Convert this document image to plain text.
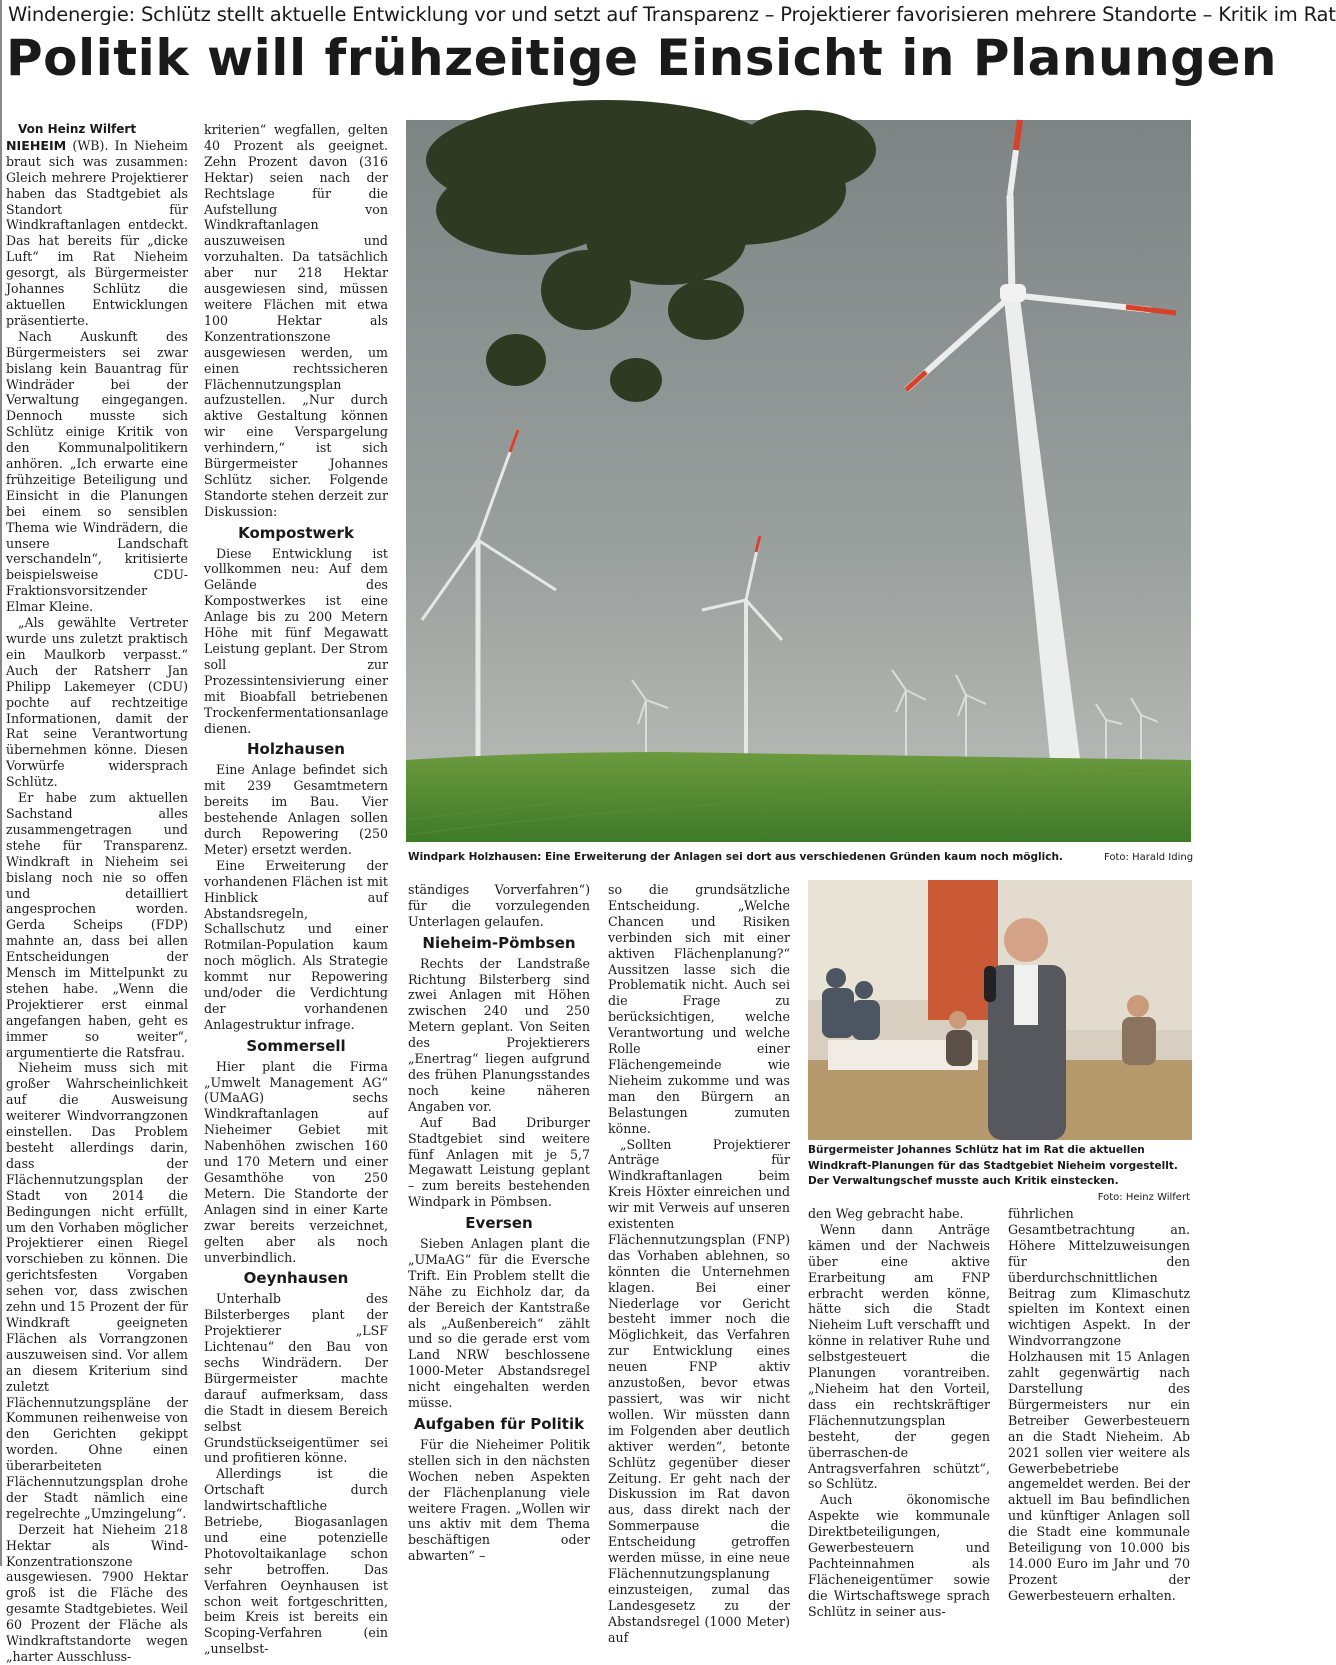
Windenergie: Schlütz stellt aktuelle Entwicklung vor und setzt auf Transparenz – Projektierer favorisieren mehrere Standorte – Kritik im Rat
Politik will frühzeitige Einsicht in Planungen

Von Heinz Wilfert

NIEHEIM (WB). In Nieheim braut sich was zusammen: Gleich mehrere Projektierer haben das Stadtgebiet als Standort für Windkraftanlagen entdeckt. Das hat bereits für „dicke Luft“ im Rat Nieheim gesorgt, als Bürgermeister Johannes Schlütz die aktuellen Entwicklungen präsentierte.

Nach Auskunft des Bürgermeisters sei zwar bislang kein Bauantrag für Windräder bei der Verwaltung eingegangen. Dennoch musste sich Schlütz einige Kritik von den Kommunalpolitikern anhören. „Ich erwarte eine frühzeitige Beteiligung und Einsicht in die Planungen bei einem so sensiblen Thema wie Windrädern, die unsere Landschaft verschandeln“, kritisierte beispielsweise CDU-Fraktionsvorsitzender Elmar Kleine.

„Als gewählte Vertreter wurde uns zuletzt praktisch ein Maulkorb verpasst.“ Auch der Ratsherr Jan Philipp Lakemeyer (CDU) pochte auf rechtzeitige Informationen, damit der Rat seine Verantwortung übernehmen könne. Diesen Vorwürfe widersprach Schlütz.

Er habe zum aktuellen Sachstand alles zusammengetragen und stehe für Transparenz. Windkraft in Nieheim sei bislang noch nie so offen und detailliert angesprochen worden. Gerda Scheips (FDP) mahnte an, dass bei allen Entscheidungen der Mensch im Mittelpunkt zu stehen habe. „Wenn die Projektierer erst einmal angefangen haben, geht es immer so weiter“, argumentierte die Ratsfrau.

Nieheim muss sich mit großer Wahrscheinlichkeit auf die Ausweisung weiterer Windvorrangzonen einstellen. Das Problem besteht allerdings darin, dass der Flächennutzungsplan der Stadt von 2014 die Bedingungen nicht erfüllt, um den Vorhaben möglicher Projektierer einen Riegel vorschieben zu können. Die gerichtsfesten Vorgaben sehen vor, dass zwischen zehn und 15 Prozent der für Windkraft geeigneten Flächen als Vorrangzonen auszuweisen sind. Vor allem an diesem Kriterium sind zuletzt Flächennutzungspläne der Kommunen reihenweise von den Gerichten gekippt worden. Ohne einen überarbeiteten Flächennutzungsplan drohe der Stadt nämlich eine regelrechte „Umzingelung“.

Derzeit hat Nieheim 218 Hektar als Wind-Konzentrationszone ausgewiesen. 7900 Hektar groß ist die Fläche des gesamte Stadtgebietes. Weil 60 Prozent der Fläche als Windkraftstandorte wegen „harter Ausschluss-

kriterien“ wegfallen, gelten 40 Prozent als geeignet. Zehn Prozent davon (316 Hektar) seien nach der Rechtslage für die Aufstellung von Windkraftanlagen auszuweisen und vorzuhalten. Da tatsächlich aber nur 218 Hektar ausgewiesen sind, müssen weitere Flächen mit etwa 100 Hektar als Konzentrationszone ausgewiesen werden, um einen rechtssicheren Flächennutzungsplan aufzustellen. „Nur durch aktive Gestaltung können wir eine Verspargelung verhindern,“ ist sich Bürgermeister Johannes Schlütz sicher. Folgende Standorte stehen derzeit zur Diskussion:

Kompostwerk

Diese Entwicklung ist vollkommen neu: Auf dem Gelände des Kompostwerkes ist eine Anlage bis zu 200 Metern Höhe mit fünf Megawatt Leistung geplant. Der Strom soll zur Prozessintensivierung einer mit Bioabfall betriebenen Trockenfermentationsanlage dienen.

Holzhausen

Eine Anlage befindet sich mit 239 Gesamtmetern bereits im Bau. Vier bestehende Anlagen sollen durch Repowering (250 Meter) ersetzt werden.

Eine Erweiterung der vorhandenen Flächen ist mit Hinblick auf Abstandsregeln, Schallschutz und einer Rotmilan-Population kaum noch möglich. Als Strategie kommt nur Repowering und/oder die Verdichtung der vorhandenen Anlagestruktur infrage.

Sommersell

Hier plant die Firma „Umwelt Management AG“ (UMaAG) sechs Windkraftanlagen auf Nieheimer Gebiet mit Nabenhöhen zwischen 160 und 170 Metern und einer Gesamthöhe von 250 Metern. Die Standorte der Anlagen sind in einer Karte zwar bereits verzeichnet, gelten aber als noch unverbindlich.

Oeynhausen

Unterhalb des Bilsterberges plant der Projektierer „LSF Lichtenau“ den Bau von sechs Windrädern. Der Bürgermeister machte darauf aufmerksam, dass die Stadt in diesem Bereich selbst Grundstückseigentümer sei und profitieren könne.

Allerdings ist die Ortschaft durch landwirtschaftliche Betriebe, Biogasanlagen und eine potenzielle Photovoltaikanlage schon sehr betroffen. Das Verfahren Oeynhausen ist schon weit fortgeschritten, beim Kreis ist bereits ein Scoping-Verfahren (ein „unselbst-

Windpark Holzhausen: Eine Erweiterung der Anlagen sei dort aus verschiedenen Gründen kaum noch möglich.	Foto: Harald Iding

ständiges Vorverfahren“) für die vorzulegenden Unterlagen gelaufen.

Nieheim-Pömbsen

Rechts der Landstraße Richtung Bilsterberg sind zwei Anlagen mit Höhen zwischen 240 und 250 Metern geplant. Von Seiten des Projektierers „Enertrag“ liegen aufgrund des frühen Planungsstandes noch keine näheren Angaben vor.

Auf Bad Driburger Stadtgebiet sind weitere fünf Anlagen mit je 5,7 Megawatt Leistung geplant – zum bereits bestehenden Windpark in Pömbsen.

Eversen

Sieben Anlagen plant die „UMaAG“ für die Eversche Trift. Ein Problem stellt die Nähe zu Eichholz dar, da der Bereich der Kantstraße als „Außenbereich“ zählt und so die gerade erst vom Land NRW beschlossene 1000-Meter Abstandsregel nicht eingehalten werden müsse.

Aufgaben für Politik

Für die Nieheimer Politik stellen sich in den nächsten Wochen neben Aspekten der Flächenplanung viele weitere Fragen. „Wollen wir uns aktiv mit dem Thema beschäftigen oder abwarten“ –

so die grundsätzliche Entscheidung. „Welche Chancen und Risiken verbinden sich mit einer aktiven Flächenplanung?“ Aussitzen lasse sich die Problematik nicht. Auch sei die Frage zu berücksichtigen, welche Verantwortung und welche Rolle einer Flächengemeinde wie Nieheim zukomme und was man den Bürgern an Belastungen zumuten könne.

„Sollten Projektierer Anträge für Windkraftanlagen beim Kreis Höxter einreichen und wir mit Verweis auf unseren existenten Flächennutzungsplan (FNP) das Vorhaben ablehnen, so könnten die Unternehmen klagen. Bei einer Niederlage vor Gericht besteht immer noch die Möglichkeit, das Verfahren zur Entwicklung eines neuen FNP aktiv anzustoßen, bevor etwas passiert, was wir nicht wollen. Wir müssten dann im Folgenden aber deutlich aktiver werden“, betonte Schlütz gegenüber dieser Zeitung. Er geht nach der Diskussion im Rat davon aus, dass direkt nach der Sommerpause die Entscheidung getroffen werden müsse, in eine neue Flächennutzungsplanung einzusteigen, zumal das Landesgesetz zu der Abstandsregel (1000 Meter) auf

Bürgermeister Johannes Schlütz hat im Rat die aktuellen Windkraft-Planungen für das Stadtgebiet Nieheim vorgestellt. Der Verwaltungschef musste auch Kritik einstecken.
Foto: Heinz Wilfert

den Weg gebracht habe.

Wenn dann Anträge kämen und der Nachweis über eine aktive Erarbeitung am FNP erbracht werden könne, hätte sich die Stadt Nieheim Luft verschafft und könne in relativer Ruhe und selbstgesteuert die Planungen vorantreiben. „Nieheim hat den Vorteil, dass ein rechtskräftiger Flächennutzungsplan besteht, der gegen überraschen-de Antragsverfahren schützt“, so Schlütz.

Auch ökonomische Aspekte wie kommunale Direktbeteiligungen, Gewerbesteuern und Pachteinnahmen als Flächeneigentümer sowie die Wirtschaftswege sprach Schlütz in seiner aus-

führlichen Gesamtbetrachtung an. Höhere Mittelzuweisungen für den überdurchschnittlichen Beitrag zum Klimaschutz spielten im Kontext einen wichtigen Aspekt. In der Windvorrangzone Holzhausen mit 15 Anlagen zahlt gegenwärtig nach Darstellung des Bürgermeisters nur ein Betreiber Gewerbesteuern an die Stadt Nieheim. Ab 2021 sollen vier weitere als Gewerbebetriebe angemeldet werden. Bei der aktuell im Bau befindlichen und künftiger Anlagen soll die Stadt eine kommunale Beteiligung von 10.000 bis 14.000 Euro im Jahr und 70 Prozent der Gewerbesteuern erhalten.
